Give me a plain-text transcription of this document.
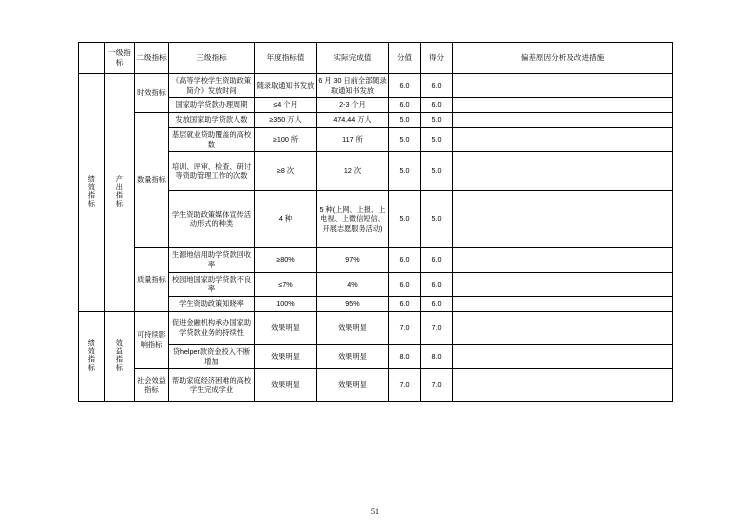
	一级指标	二级指标	三级指标	年度指标值	实际完成值	分值	得分	偏差原因分析及改进措施
绩效指标	产出指标	时效指标	《高等学校学生资助政策简介》发放时间	随录取通知书发放	6 月 30 日前全部随录取通知书发放	6.0	6.0	
			国家助学贷款办理周期	≤4 个月	2-3 个月	6.0	6.0	
		数量指标	发放国家助学贷款人数	≥350 万人	474.44 万人	5.0	5.0	
			基层就业贷助覆盖的高校数	≥100 所	117 所	5.0	5.0	
			培训、评审、检查、研讨等资助管理工作的次数	≥8 次	12 次	5.0	5.0	
			学生资助政策媒体宣传活动形式的种类	4 种	5 种(上网、上报、上电视、上微信短信、开展志愿服务活动)	5.0	5.0	
		质量指标	生源地信用助学贷款回收率	≥80%	97%	6.0	6.0	
			校园地国家助学贷款不良率	≤7%	4%	6.0	6.0	
			学生资助政策知晓率	100%	95%	6.0	6.0	
绩效指标	效益指标	可持续影响指标	促进金融机构承办国家助学贷款业务的持续性	效果明显	效果明显	7.0	7.0	
			贷helper款资金投入不断增加	效果明显	效果明显	8.0	8.0	
		社会效益指标	帮助家庭经济困难的高校学生完成学业	效果明显	效果明显	7.0	7.0	
51
